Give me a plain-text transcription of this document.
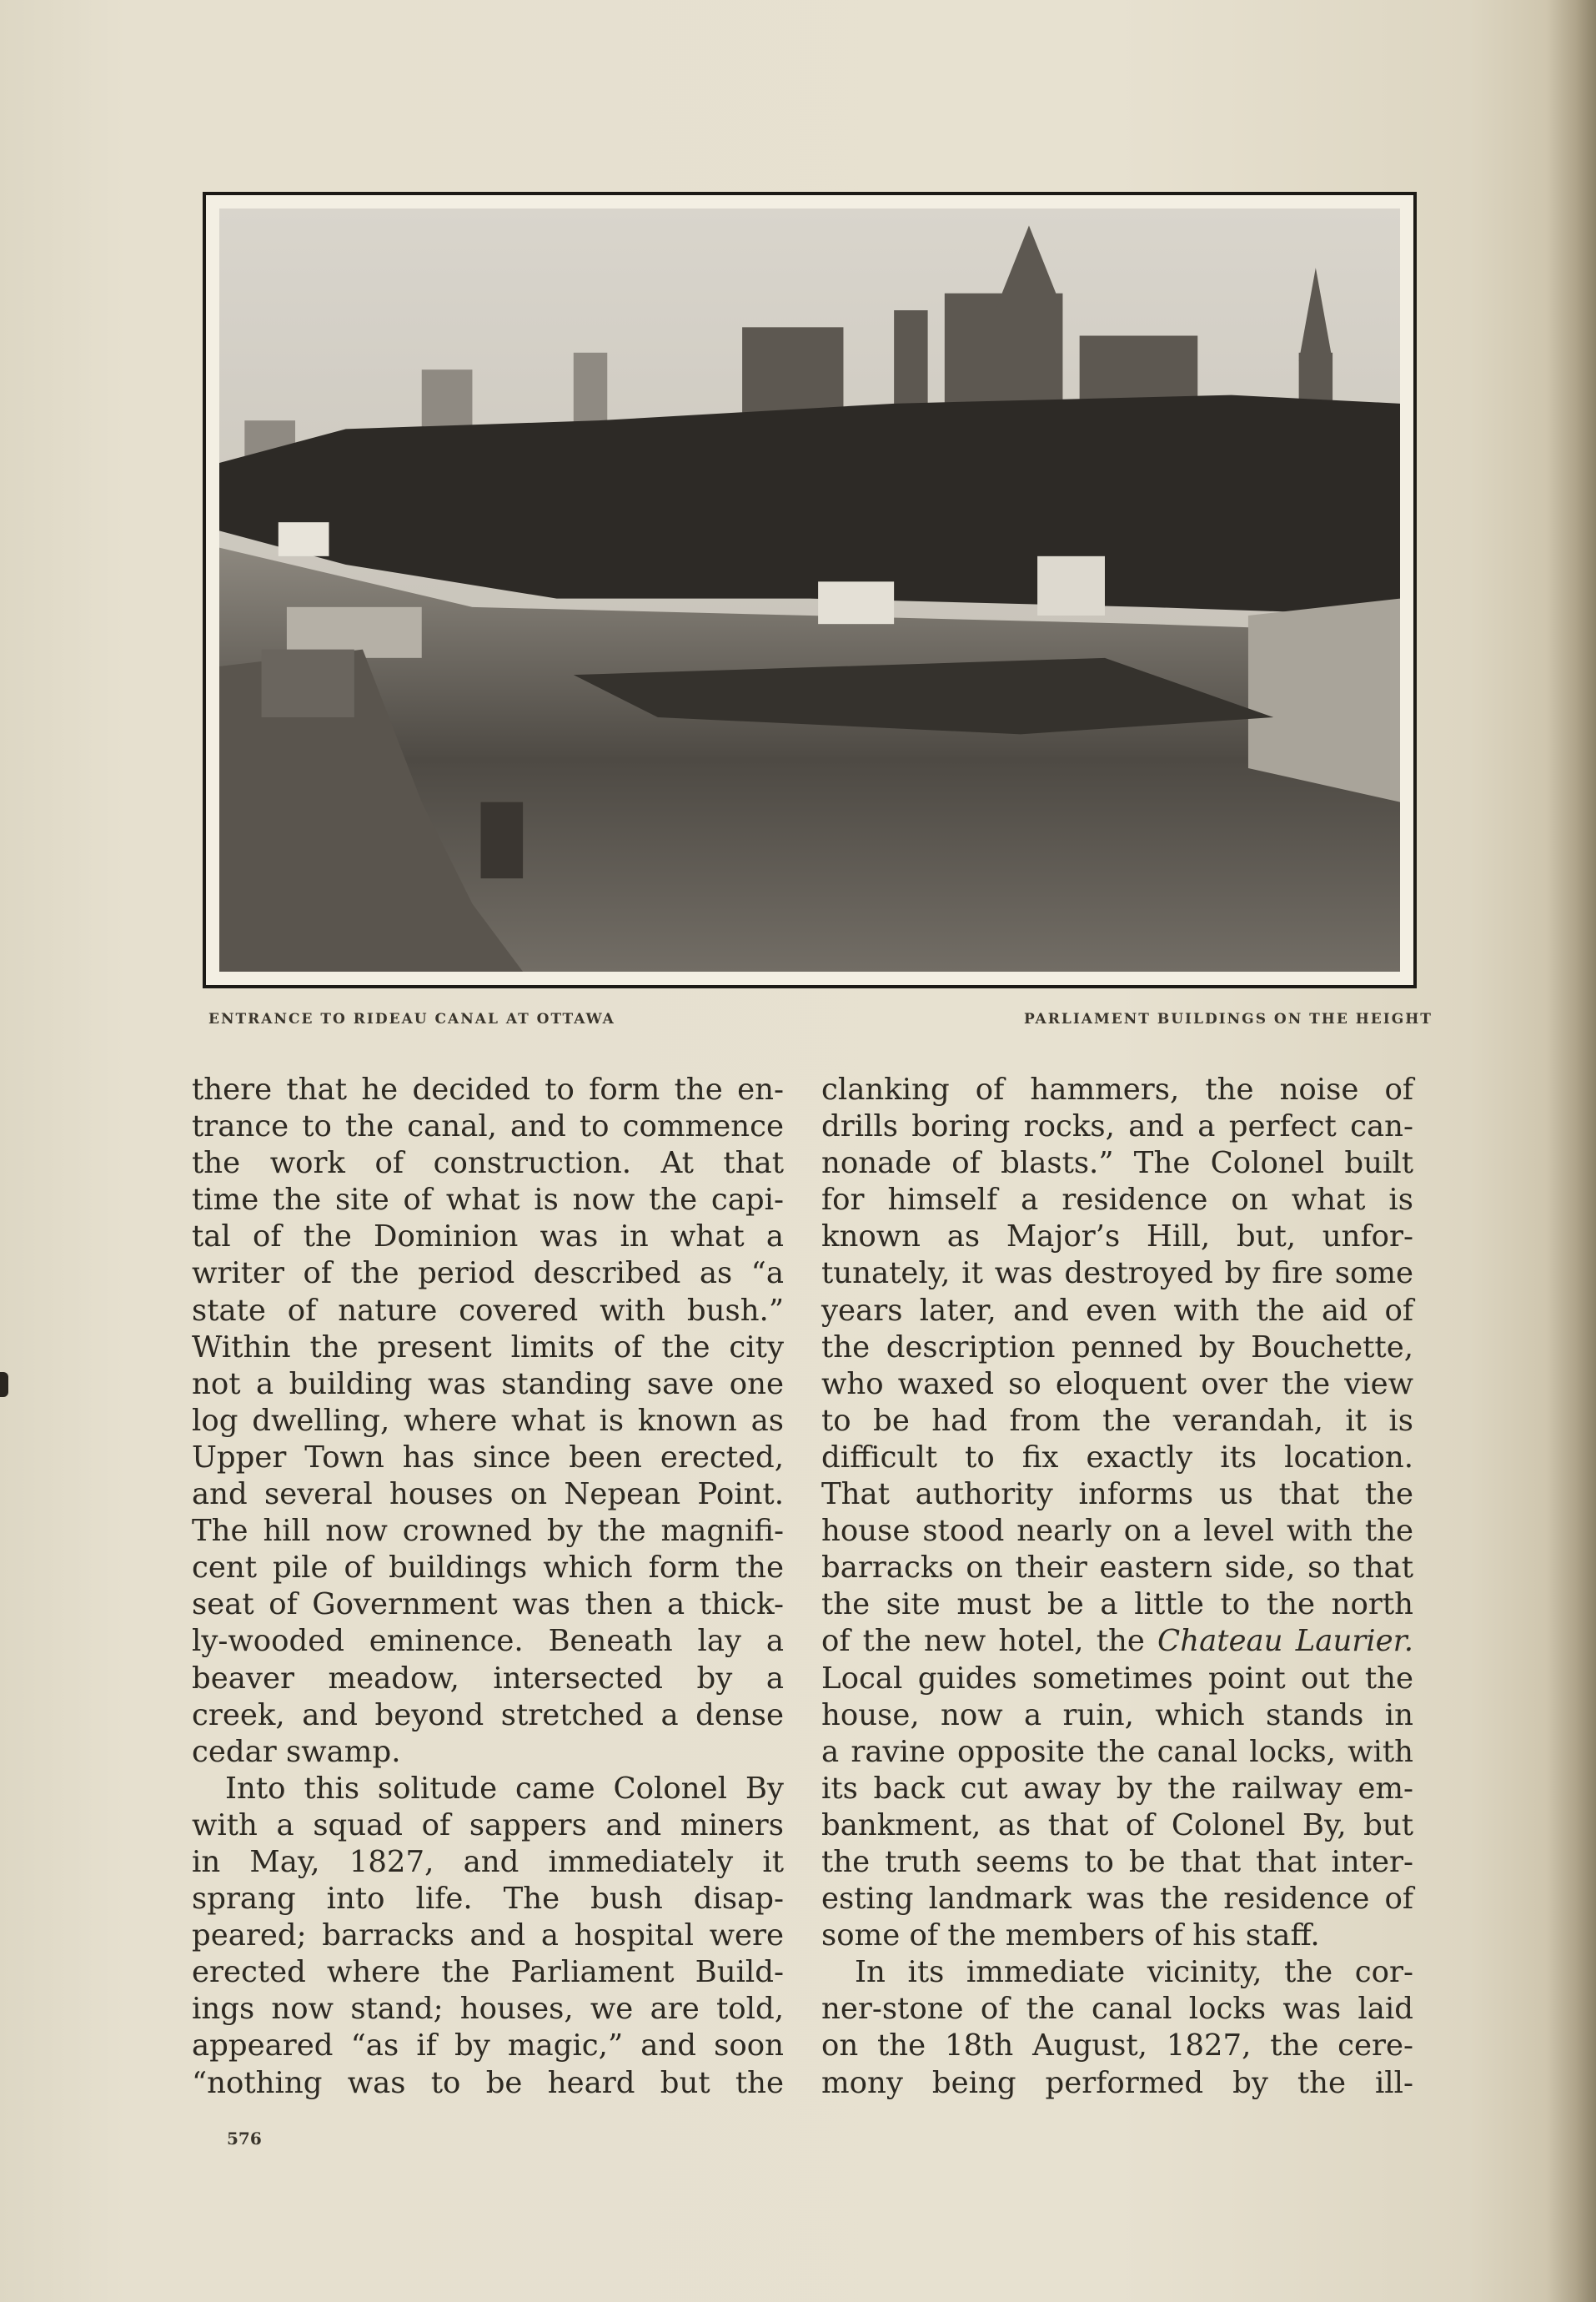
ENTRANCE TO RIDEAU CANAL AT OTTAWA	PARLIAMENT BUILDINGS ON THE HEIGHT
there that he decided to form the en-
trance to the canal, and to commence
the work of construction. At that
time the site of what is now the capi-
tal of the Dominion was in what a
writer of the period described as “a
state of nature covered with bush.”
Within the present limits of the city
not a building was standing save one
log dwelling, where what is known as
Upper Town has since been erected,
and several houses on Nepean Point.
The hill now crowned by the magnifi-
cent pile of buildings which form the
seat of Government was then a thick-
ly-wooded eminence. Beneath lay a
beaver meadow, intersected by a
creek, and beyond stretched a dense
cedar swamp.
Into this solitude came Colonel By
with a squad of sappers and miners
in May, 1827, and immediately it
sprang into life. The bush disap-
peared; barracks and a hospital were
erected where the Parliament Build-
ings now stand; houses, we are told,
appeared “as if by magic,” and soon
“nothing was to be heard but the
clanking of hammers, the noise of
drills boring rocks, and a perfect can-
nonade of blasts.” The Colonel built
for himself a residence on what is
known as Major’s Hill, but, unfor-
tunately, it was destroyed by fire some
years later, and even with the aid of
the description penned by Bouchette,
who waxed so eloquent over the view
to be had from the verandah, it is
difficult to fix exactly its location.
That authority informs us that the
house stood nearly on a level with the
barracks on their eastern side, so that
the site must be a little to the north
of the new hotel, the Chateau Laurier.
Local guides sometimes point out the
house, now a ruin, which stands in
a ravine opposite the canal locks, with
its back cut away by the railway em-
bankment, as that of Colonel By, but
the truth seems to be that that inter-
esting landmark was the residence of
some of the members of his staff.
In its immediate vicinity, the cor-
ner-stone of the canal locks was laid
on the 18th August, 1827, the cere-
mony being performed by the ill-
576
